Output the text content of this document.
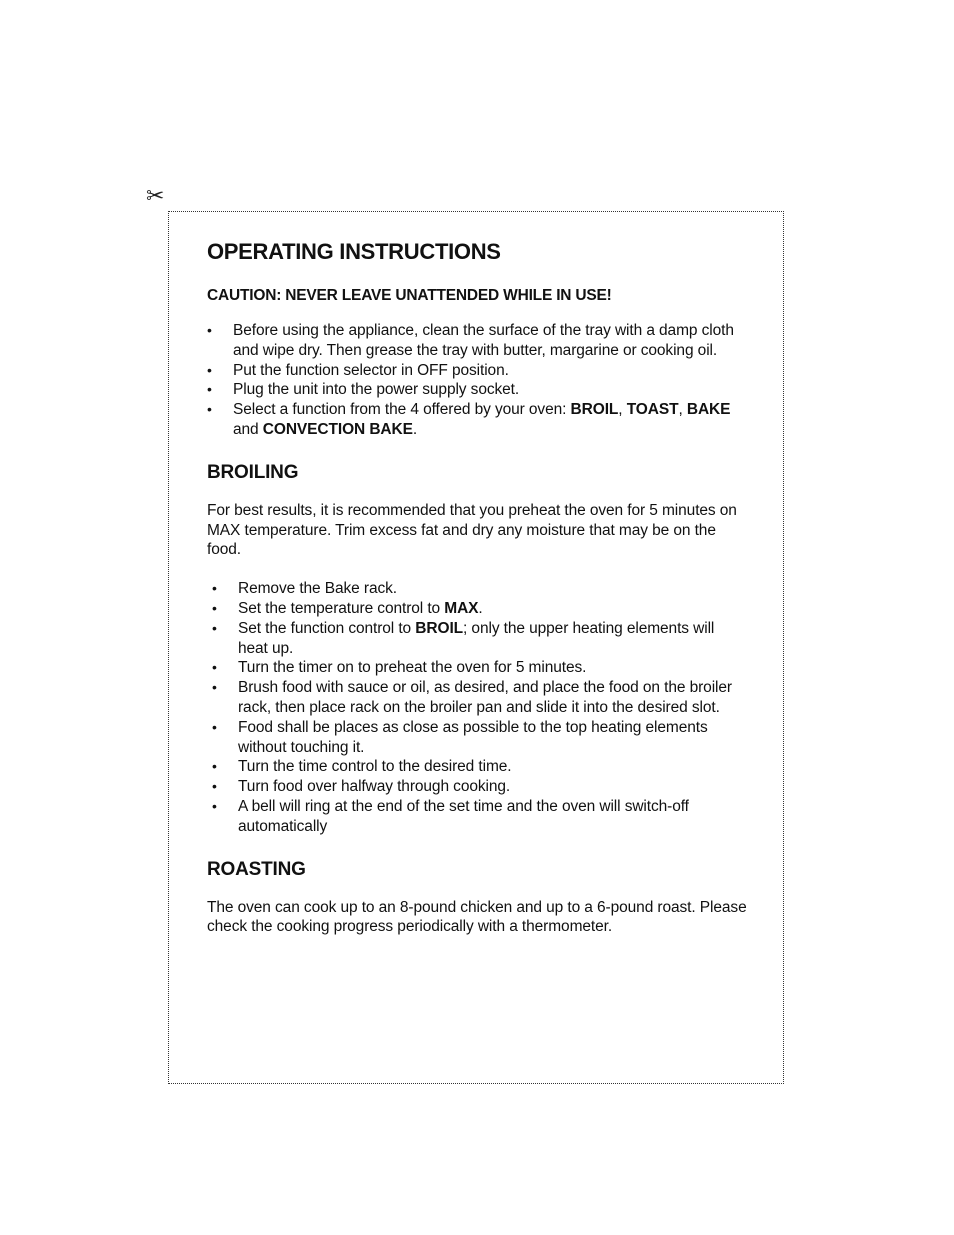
✂
OPERATING INSTRUCTIONS
CAUTION: NEVER LEAVE UNATTENDED WHILE IN USE!
• Before using the appliance, clean the surface of the tray with a damp cloth and wipe dry. Then grease the tray with butter, margarine or cooking oil.
• Put the function selector in OFF position.
• Plug the unit into the power supply socket.
• Select a function from the 4 offered by your oven: BROIL, TOAST, BAKE and CONVECTION BAKE.
BROILING

For best results, it is recommended that you preheat the oven for 5 minutes on MAX temperature. Trim excess fat and dry any moisture that may be on the food.

• Remove the Bake rack.
• Set the temperature control to MAX.
• Set the function control to BROIL; only the upper heating elements will heat up.
• Turn the timer on to preheat the oven for 5 minutes.
• Brush food with sauce or oil, as desired, and place the food on the broiler rack, then place rack on the broiler pan and slide it into the desired slot.
• Food shall be places as close as possible to the top heating elements without touching it.
• Turn the time control to the desired time.
• Turn food over halfway through cooking.
• A bell will ring at the end of the set time and the oven will switch-off automatically
ROASTING

The oven can cook up to an 8-pound chicken and up to a 6-pound roast. Please check the cooking progress periodically with a thermometer.
